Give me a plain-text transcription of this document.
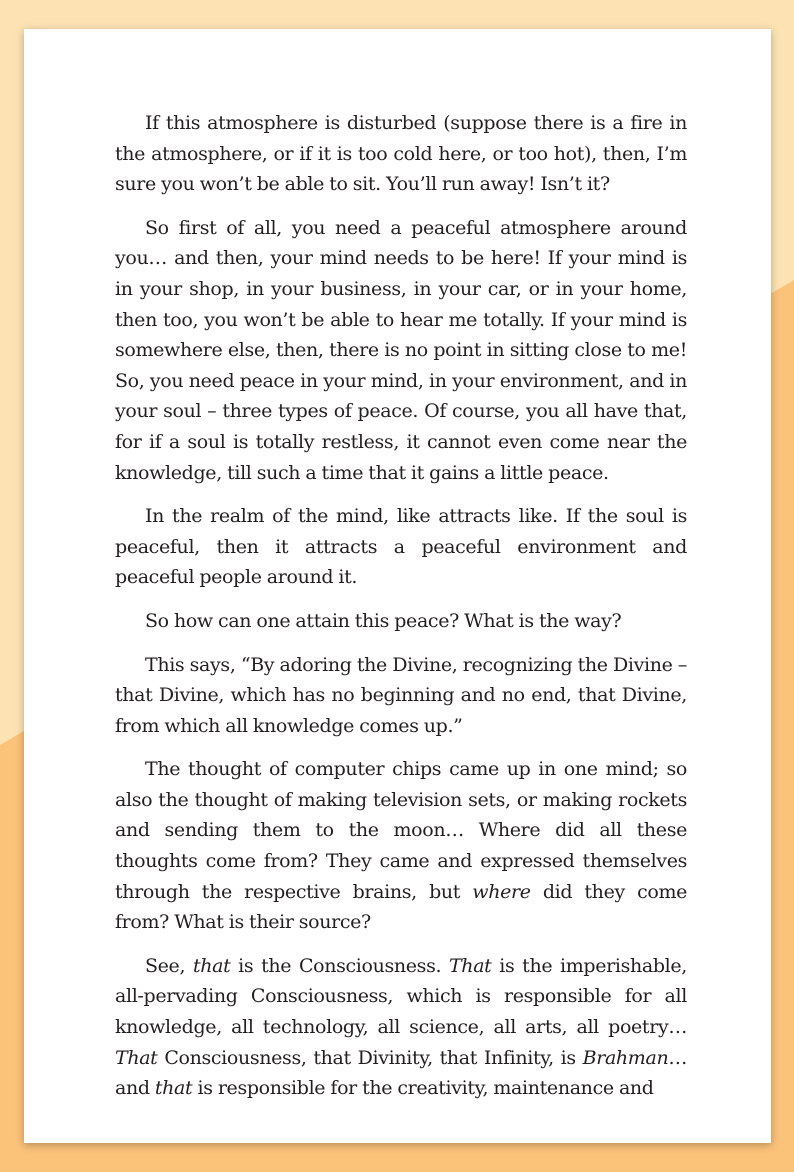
If this atmosphere is disturbed (suppose there is a fire in the atmosphere, or if it is too cold here, or too hot), then, I’m sure you won’t be able to sit. You’ll run away! Isn’t it?

So first of all, you need a peaceful atmosphere around you… and then, your mind needs to be here! If your mind is in your shop, in your business, in your car, or in your home, then too, you won’t be able to hear me totally. If your mind is somewhere else, then, there is no point in sitting close to me! So, you need peace in your mind, in your environment, and in your soul – three types of peace. Of course, you all have that, for if a soul is totally restless, it cannot even come near the knowledge, till such a time that it gains a little peace.

In the realm of the mind, like attracts like. If the soul is peaceful, then it attracts a peaceful environment and peaceful people around it.

So how can one attain this peace? What is the way?

This says, “By adoring the Divine, recognizing the Divine – that Divine, which has no beginning and no end, that Divine, from which all knowledge comes up.”

The thought of computer chips came up in one mind; so also the thought of making television sets, or making rockets and sending them to the moon… Where did all these thoughts come from? They came and expressed themselves through the respective brains, but where did they come from? What is their source?

See, that is the Consciousness. That is the imperishable, all-pervading Consciousness, which is responsible for all knowledge, all technology, all science, all arts, all poetry… That Consciousness, that Divinity, that Infinity, is Brahman… and that is responsible for the creativity, maintenance and
